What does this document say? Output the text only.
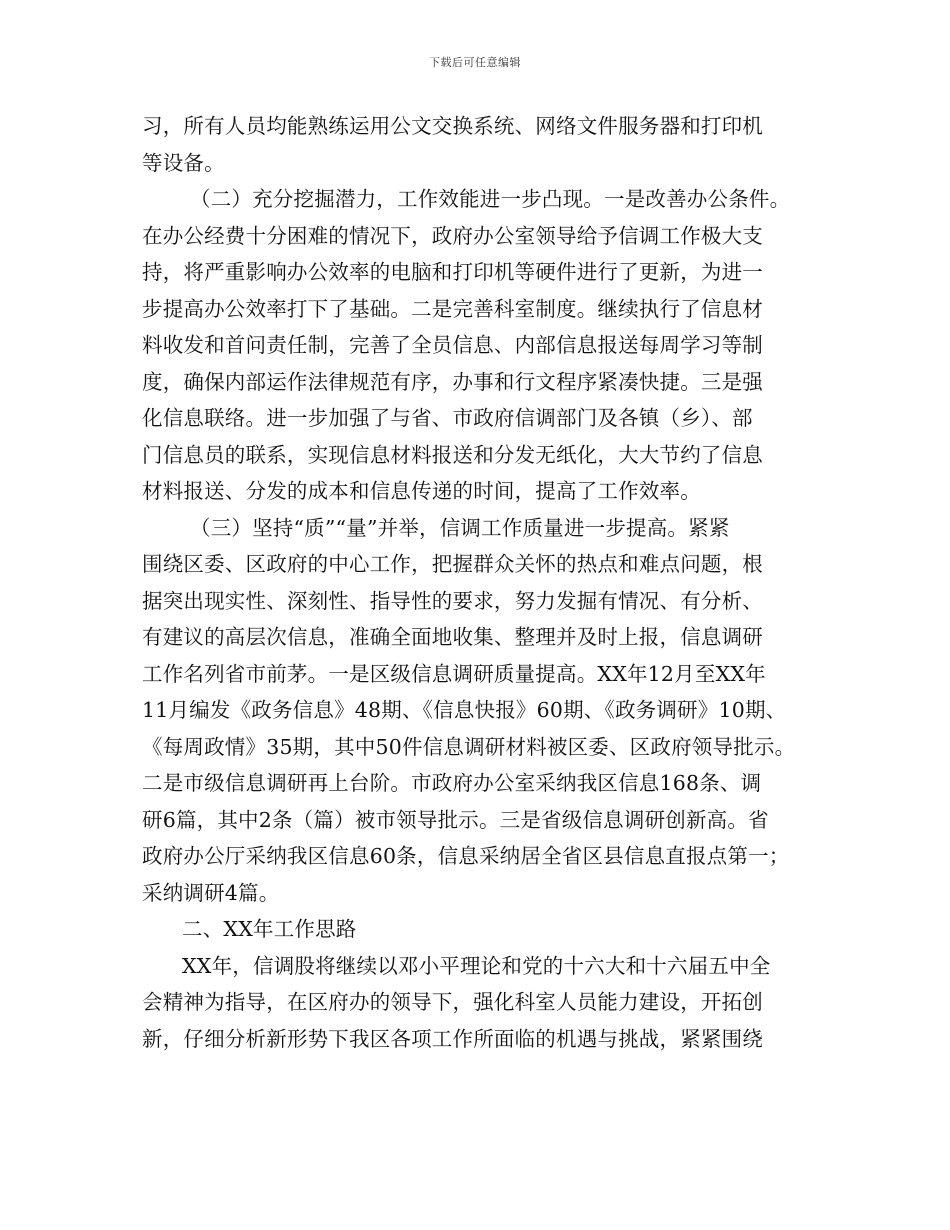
下载后可任意编辑
习，所有人员均能熟练运用公文交换系统、网络文件服务器和打印机
等设备。
（二）充分挖掘潜力，工作效能进一步凸现。一是改善办公条件。
在办公经费十分困难的情况下，政府办公室领导给予信调工作极大支
持，将严重影响办公效率的电脑和打印机等硬件进行了更新，为进一
步提高办公效率打下了基础。二是完善科室制度。继续执行了信息材
料收发和首问责任制，完善了全员信息、内部信息报送每周学习等制
度，确保内部运作法律规范有序，办事和行文程序紧凑快捷。三是强
化信息联络。进一步加强了与省、市政府信调部门及各镇（乡）、部
门信息员的联系，实现信息材料报送和分发无纸化，大大节约了信息
材料报送、分发的成本和信息传递的时间，提高了工作效率。
（三）坚持“质”“量”并举，信调工作质量进一步提高。紧紧
围绕区委、区政府的中心工作，把握群众关怀的热点和难点问题，根
据突出现实性、深刻性、指导性的要求，努力发掘有情况、有分析、
有建议的高层次信息，准确全面地收集、整理并及时上报，信息调研
工作名列省市前茅。一是区级信息调研质量提高。XX年12月至XX年
11月编发《政务信息》48期、《信息快报》60期、《政务调研》10期、
《每周政情》35期，其中50件信息调研材料被区委、区政府领导批示。
二是市级信息调研再上台阶。市政府办公室采纳我区信息168条、调
研6篇，其中2条（篇）被市领导批示。三是省级信息调研创新高。省
政府办公厅采纳我区信息60条，信息采纳居全省区县信息直报点第一；
采纳调研4篇。
二、XX年工作思路
XX年，信调股将继续以邓小平理论和党的十六大和十六届五中全
会精神为指导，在区府办的领导下，强化科室人员能力建设，开拓创
新，仔细分析新形势下我区各项工作所面临的机遇与挑战，紧紧围绕
